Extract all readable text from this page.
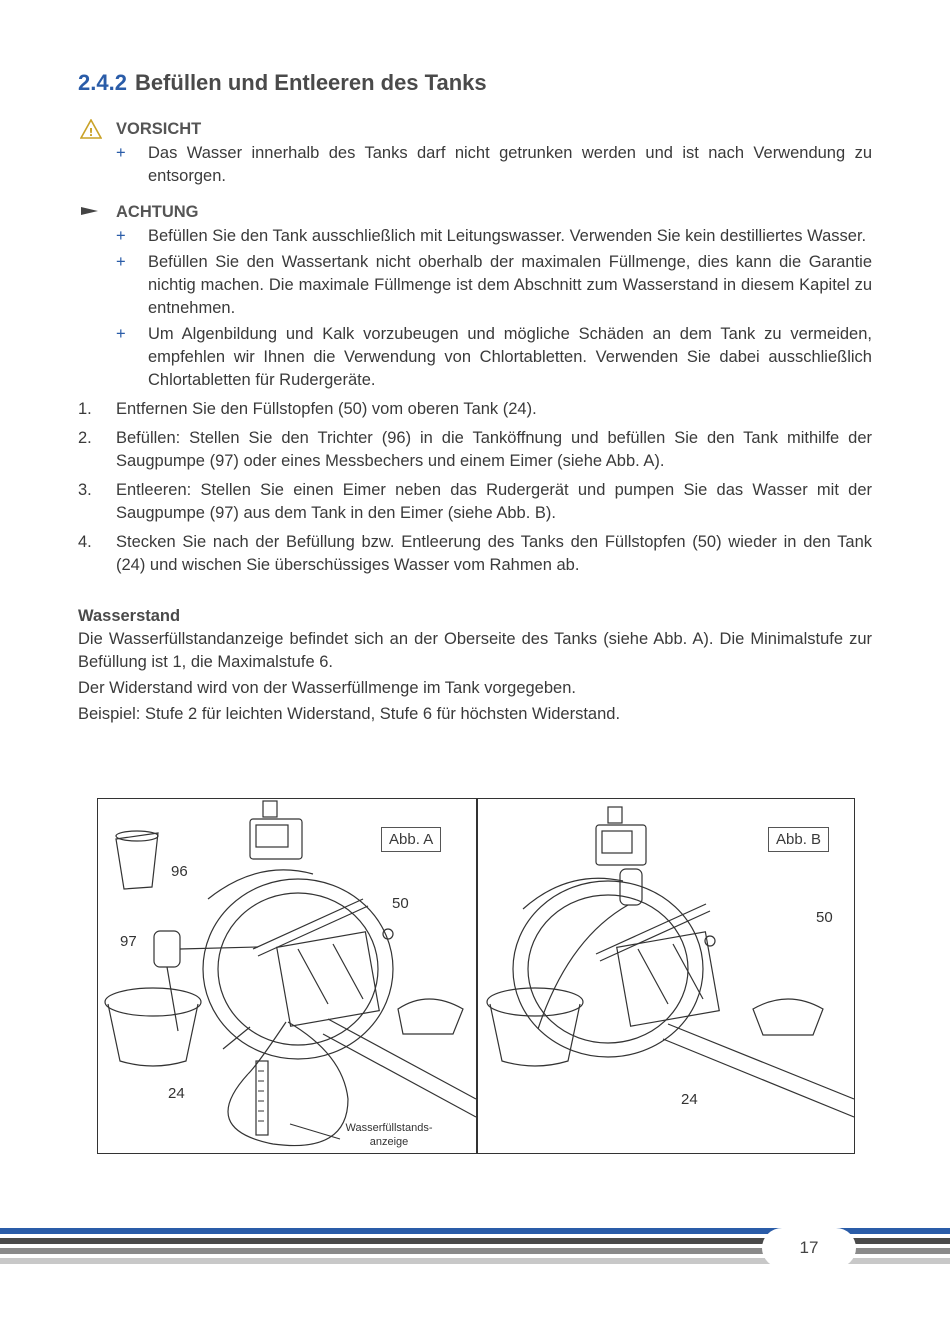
2.4.2 Befüllen und Entleeren des Tanks
! VORSICHT
+ Das Wasser innerhalb des Tanks darf nicht getrunken werden und ist nach Verwendung zu entsorgen.
ACHTUNG
+ Befüllen Sie den Tank ausschließlich mit Leitungswasser. Verwenden Sie kein destilliertes Wasser.
+ Befüllen Sie den Wassertank nicht oberhalb der maximalen Füllmenge, dies kann die Garantie nichtig machen. Die maximale Füllmenge ist dem Abschnitt zum Wasserstand in diesem Kapitel zu entnehmen.
+ Um Algenbildung und Kalk vorzubeugen und mögliche Schäden an dem Tank zu vermeiden, empfehlen wir Ihnen die Verwendung von Chlortabletten. Verwenden Sie dabei ausschließlich Chlortabletten für Rudergeräte.
1. Entfernen Sie den Füllstopfen (50) vom oberen Tank (24).
2. Befüllen: Stellen Sie den Trichter (96) in die Tanköffnung und befüllen Sie den Tank mithilfe der Saugpumpe (97) oder eines Messbechers und einem Eimer (siehe Abb. A).
3. Entleeren: Stellen Sie einen Eimer neben das Rudergerät und pumpen Sie das Wasser mit der Saugpumpe (97) aus dem Tank in den Eimer (siehe Abb. B).
4. Stecken Sie nach der Befüllung bzw. Entleerung des Tanks den Füllstopfen (50) wieder in den Tank (24) und wischen Sie überschüssiges Wasser vom Rahmen ab.
Wasserstand

Die Wasserfüllstandanzeige befindet sich an der Oberseite des Tanks (siehe Abb. A). Die Minimalstufe zur Befüllung ist 1, die Maximalstufe 6.

Der Widerstand wird von der Wasserfüllmenge im Tank vorgegeben.

Beispiel: Stufe 2 für leichten Widerstand, Stufe 6 für höchsten Widerstand.

Abb. A
96
97
50
24
Wasserfüllstands-
anzeige
Abb. B
50
24
17
